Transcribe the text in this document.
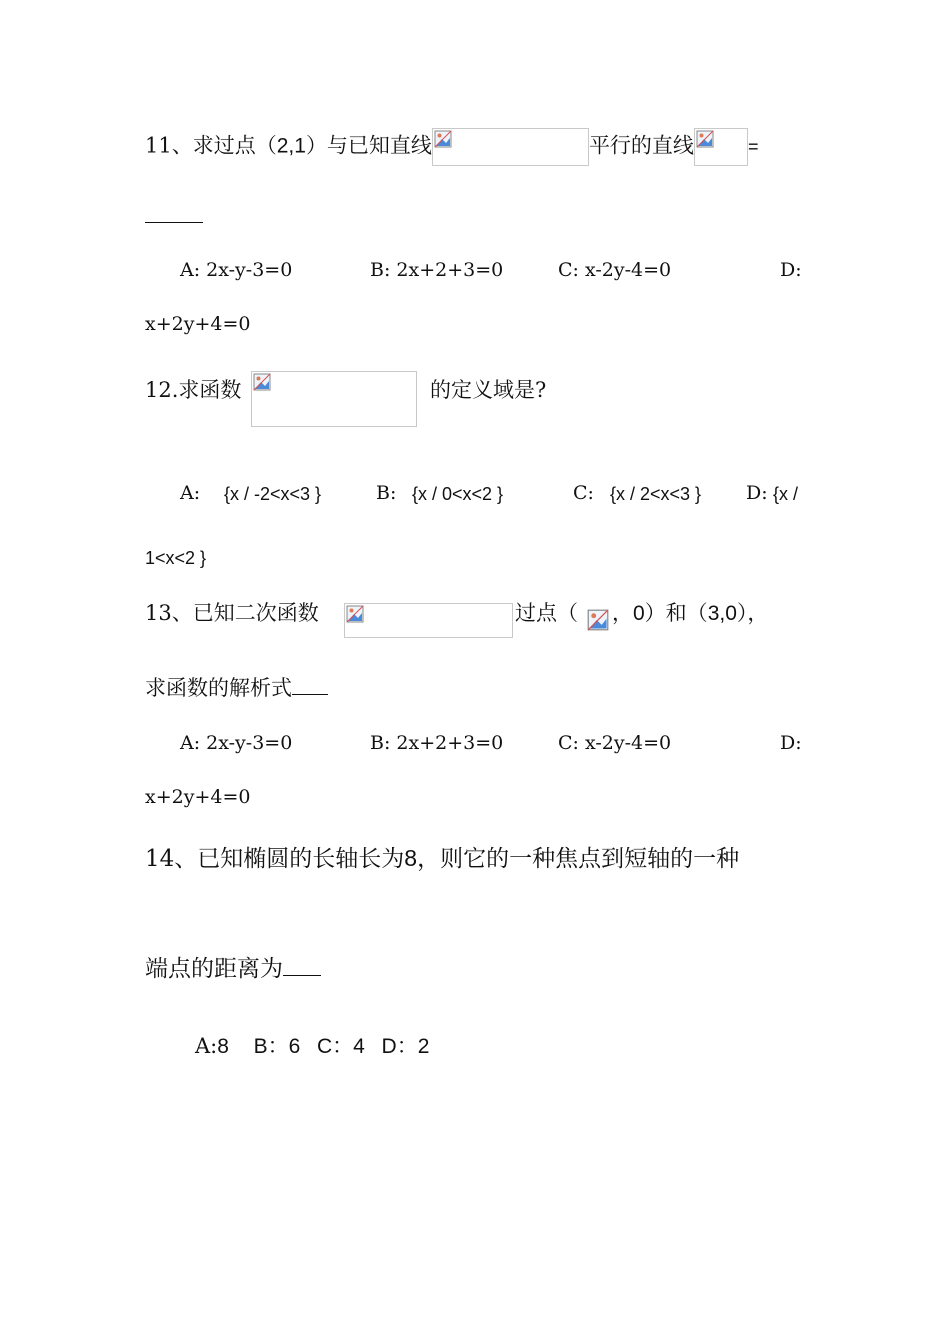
11、求过点（2,1）与已知直线	平行的直线	=
A: 2x-y-3=0	B: 2x+2+3=0	C: x-2y-4=0	D:
x+2y+4=0
12.求函数	的定义域是?
A: {x / -2<x<3 }	B: {x / 0<x<2 }	C: {x / 2<x<3 } D: {x /
1<x<2 }
13、已知二次函数	过点（ ，0）和（3,0），
求函数的解析式
A: 2x-y-3=0	B: 2x+2+3=0	C: x-2y-4=0	D:
x+2y+4=0
14、已知椭圆的长轴长为8，则它的一种焦点到短轴的一种
端点的距离为
A:8 B：6 C：4 D：2
